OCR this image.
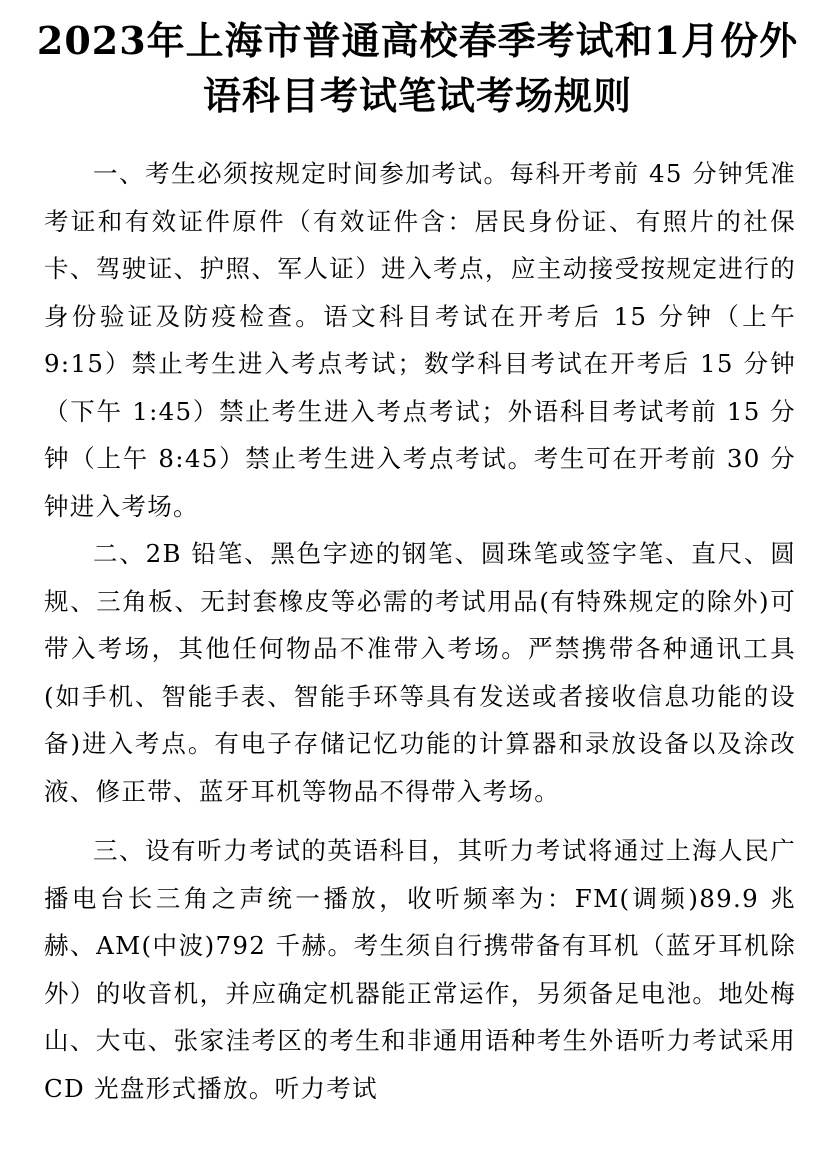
2023年上海市普通高校春季考试和1月份外
语科目考试笔试考场规则

一、考生必须按规定时间参加考试。每科开考前 45 分钟凭准考证和有效证件原件（有效证件含：居民身份证、有照片的社保卡、驾驶证、护照、军人证）进入考点，应主动接受按规定进行的身份验证及防疫检查。语文科目考试在开考后 15 分钟（上午 9:15）禁止考生进入考点考试；数学科目考试在开考后 15 分钟（下午 1:45）禁止考生进入考点考试；外语科目考试考前 15 分钟（上午 8:45）禁止考生进入考点考试。考生可在开考前 30 分钟进入考场。

二、2B 铅笔、黑色字迹的钢笔、圆珠笔或签字笔、直尺、圆规、三角板、无封套橡皮等必需的考试用品(有特殊规定的除外)可带入考场，其他任何物品不准带入考场。严禁携带各种通讯工具(如手机、智能手表、智能手环等具有发送或者接收信息功能的设备)进入考点。有电子存储记忆功能的计算器和录放设备以及涂改液、修正带、蓝牙耳机等物品不得带入考场。

三、设有听力考试的英语科目，其听力考试将通过上海人民广播电台长三角之声统一播放，收听频率为：FM(调频)89.9 兆赫、AM(中波)792 千赫。考生须自行携带备有耳机（蓝牙耳机除外）的收音机，并应确定机器能正常运作，另须备足电池。地处梅山、大屯、张家洼考区的考生和非通用语种考生外语听力考试采用 CD 光盘形式播放。听力考试
